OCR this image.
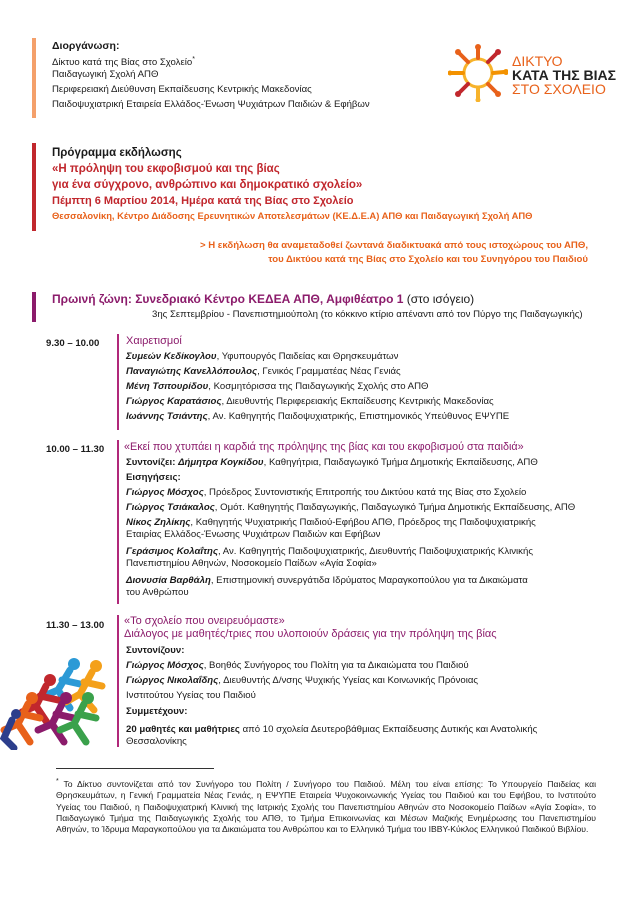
Διοργάνωση:
Δίκτυο κατά της Βίας στο Σχολείο*
Παιδαγωγική Σχολή ΑΠΘ
Περιφερειακή Διεύθυνση Εκπαίδευσης Κεντρικής Μακεδονίας
Παιδοψυχιατρική Εταιρεία Ελλάδος-Ένωση Ψυχιάτρων Παιδιών & Εφήβων
ΔΙΚΤΥΟ
ΚΑΤΑ ΤΗΣ ΒΙΑΣ
ΣΤΟ ΣΧΟΛΕΙΟ
Πρόγραμμα εκδήλωσης
«Η πρόληψη του εκφοβισμού και της βίας
για ένα σύγχρονο, ανθρώπινο και δημοκρατικό σχολείο»
Πέμπτη 6 Μαρτίου 2014, Ημέρα κατά της Βίας στο Σχολείο
Θεσσαλονίκη, Κέντρο Διάδοσης Ερευνητικών Αποτελεσμάτων (ΚΕ.Δ.Ε.Α) ΑΠΘ και Παιδαγωγική Σχολή ΑΠΘ
> Η εκδήλωση θα αναμεταδοθεί ζωντανά διαδικτυακά από τους ιστοχώρους του ΑΠΘ,
του Δικτύου κατά της Βίας στο Σχολείο και του Συνηγόρου του Παιδιού
Πρωινή ζώνη: Συνεδριακό Κέντρο ΚΕΔΕΑ ΑΠΘ, Αμφιθέατρο 1 (στο ισόγειο)
3ης Σεπτεμβρίου - Πανεπιστημιούπολη (το κόκκινο κτίριο απέναντι από τον Πύργο της Παιδαγωγικής)
9.30 – 10.00 Χαιρετισμοί
Συμεών Κεδίκογλου, Υφυπουργός Παιδείας και Θρησκευμάτων
Παναγιώτης Κανελλόπουλος, Γενικός Γραμματέας Νέας Γενιάς
Μένη Τσιτουρίδου, Κοσμητόρισσα της Παιδαγωγικής Σχολής στο ΑΠΘ
Γιώργος Καρατάσιος, Διευθυντής Περιφερειακής Εκπαίδευσης Κεντρικής Μακεδονίας
Ιωάννης Τσιάντης, Αν. Καθηγητής Παιδοψυχιατρικής, Επιστημονικός Υπεύθυνος ΕΨΥΠΕ
10.00 – 11.30 «Εκεί που χτυπάει η καρδιά της πρόληψης της βίας και του εκφοβισμού στα παιδιά»
Συντονίζει: Δήμητρα Κογκίδου, Καθηγήτρια, Παιδαγωγικό Τμήμα Δημοτικής Εκπαίδευσης, ΑΠΘ
Εισηγήσεις:
Γιώργος Μόσχος, Πρόεδρος Συντονιστικής Επιτροπής του Δικτύου κατά της Βίας στο Σχολείο
Γιώργος Τσιάκαλος, Ομότ. Καθηγητής Παιδαγωγικής, Παιδαγωγικό Τμήμα Δημοτικής Εκπαίδευσης, ΑΠΘ
Νίκος Ζηλίκης, Καθηγητής Ψυχιατρικής Παιδιού-Εφήβου ΑΠΘ, Πρόεδρος της Παιδοψυχιατρικής
Εταιρίας Ελλάδος-Ένωσης Ψυχιάτρων Παιδιών και Εφήβων
Γεράσιμος Κολαΐτης, Αν. Καθηγητής Παιδοψυχιατρικής, Διευθυντής Παιδοψυχιατρικής Κλινικής
Πανεπιστημίου Αθηνών, Νοσοκομείο Παίδων «Αγία Σοφία»
Διονυσία Βαρθάλη, Επιστημονική συνεργάτιδα Ιδρύματος Μαραγκοπούλου για τα Δικαιώματα
του Ανθρώπου
11.30 – 13.00 «Το σχολείο που ονειρευόμαστε»
Διάλογος με μαθητές/τριες που υλοποιούν δράσεις για την πρόληψη της βίας
Συντονίζουν:
Γιώργος Μόσχος, Βοηθός Συνήγορος του Πολίτη για τα Δικαιώματα του Παιδιού
Γιώργος Νικολαΐδης, Διευθυντής Δ/νσης Ψυχικής Υγείας και Κοινωνικής Πρόνοιας
Ινστιτούτου Υγείας του Παιδιού
Συμμετέχουν:
20 μαθητές και μαθήτριες από 10 σχολεία Δευτεροβάθμιας Εκπαίδευσης Δυτικής και Ανατολικής
Θεσσαλονίκης
* Το Δίκτυο συντονίζεται από τον Συνήγορο του Πολίτη / Συνήγορο του Παιδιού. Μέλη του είναι επίσης: Το Υπουργείο Παιδείας και Θρησκευμάτων, η Γενική Γραμματεία Νέας Γενιάς, η ΕΨΥΠΕ Εταιρεία Ψυχοκοινωνικής Υγείας του Παιδιού και του Εφήβου, το Ινστιτούτο Υγείας του Παιδιού, η Παιδοψυχιατρική Κλινική της Ιατρικής Σχολής του Πανεπιστημίου Αθηνών στο Νοσοκομείο Παίδων «Αγία Σοφία», το Παιδαγωγικό Τμήμα της Παιδαγωγικής Σχολής του ΑΠΘ, το Τμήμα Επικοινωνίας και Μέσων Μαζικής Ενημέρωσης του Πανεπιστημίου Αθηνών, το Ίδρυμα Μαραγκοπούλου για τα Δικαιώματα του Ανθρώπου και το Ελληνικό Τμήμα του IBBY-Κύκλος Ελληνικού Παιδικού Βιβλίου.
